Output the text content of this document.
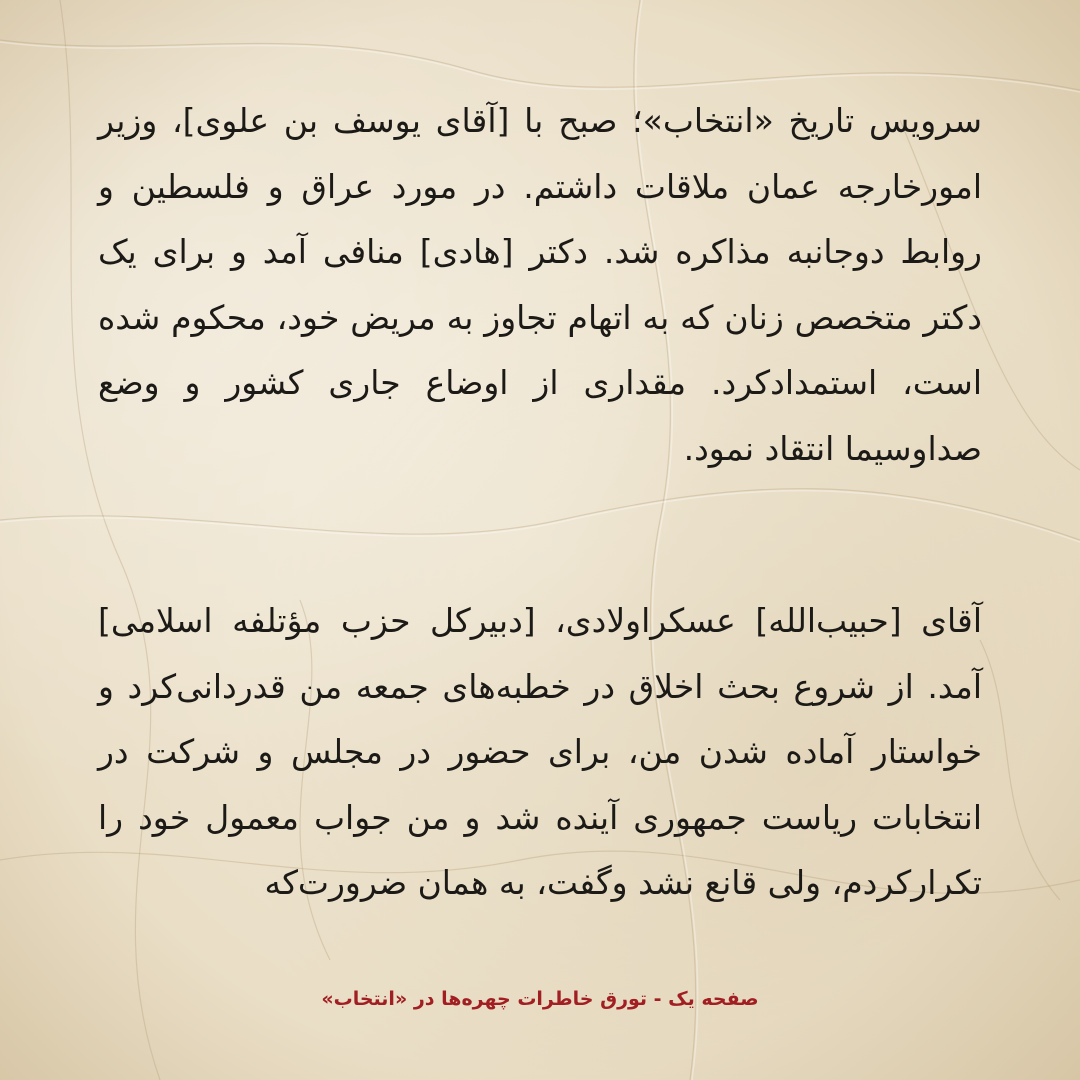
سرویس تاریخ «انتخاب»؛ صبح با [آقای یوسف بن علوی]، وزیر امورخارجه عمان ملاقات داشتم. در مورد عراق و فلسطین و روابط دوجانبه مذاکره شد. دکتر [هادی] منافی آمد و برای یک دکتر متخصص زنان که به اتهام تجاوز به مریض خود، محکوم شده است، استمدادکرد. مقداری از اوضاع جاری کشور و وضع صداوسیما انتقاد نمود.

آقای [حبیب‌الله] عسکراولادی، [دبیرکل حزب مؤتلفه اسلامی] آمد. از شروع بحث اخلاق در خطبه‌های جمعه من قدردانی‌کرد و خواستار آماده شدن من، برای حضور در مجلس و شرکت در انتخابات ریاست جمهوری آینده شد و من جواب معمول خود را تکرارکردم، ولی قانع نشد وگفت، به همان ضرورت‌که

صفحه یک - تورق خاطرات چهره‌ها در «انتخاب»
